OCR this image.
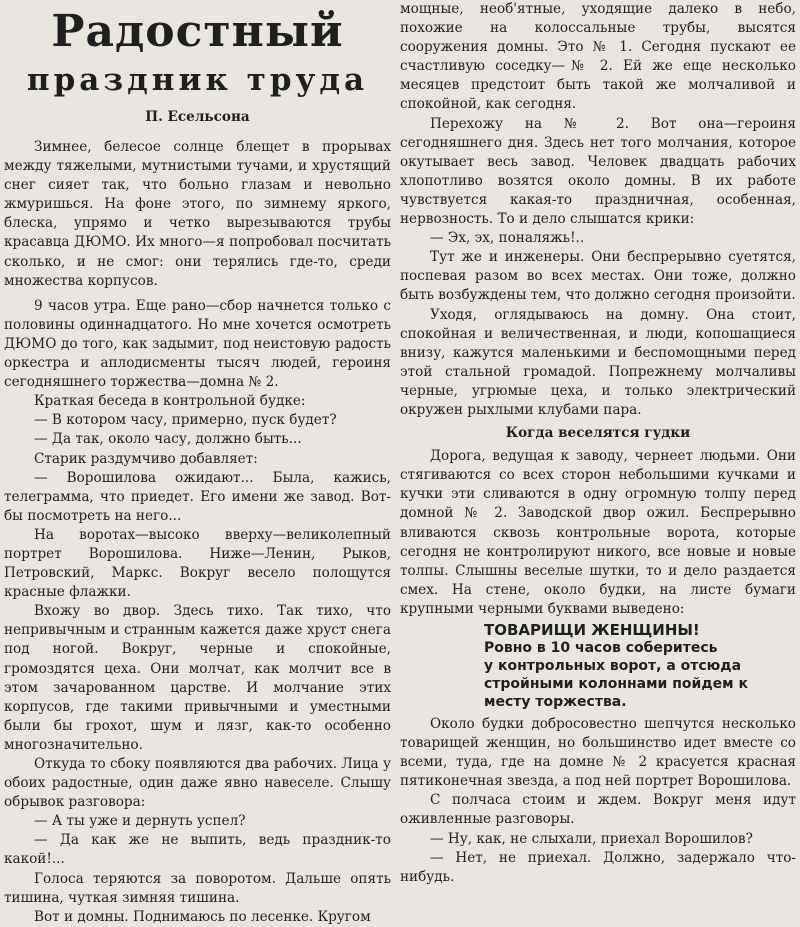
Радостный
праздник труда
П. Есельсона

Зимнее, белесое солнце блещет в прорывах между тяжелыми, мутнистыми тучами, и хрустящий снег сияет так, что больно глазам и невольно жмуришься. На фоне этого, по зимнему яркого, блеска, упрямо и четко вырезываются трубы красавца ДЮМО. Их много—я попробовал посчитать сколько, и не смог: они терялись где-то, среди множества корпусов.

9 часов утра. Еще рано—сбор начнется только с половины одиннадцатого. Но мне хочется осмотреть ДЮМО до того, как задымит, под неистовую радость оркестра и аплодисменты тысяч людей, героиня сегодняшнего торжества—домна № 2.

Краткая беседа в контрольной будке:

— В котором часу, примерно, пуск будет?

— Да так, около часу, должно быть...

Старик раздумчиво добавляет:

— Ворошилова ожидают... Была, кажись, телеграмма, что приедет. Его имени же завод. Вот-бы посмотреть на него...

На воротах—высоко вверху—великолепный портрет Ворошилова. Ниже—Ленин, Рыков, Петровский, Маркс. Вокруг весело полощутся красные флажки.

Вхожу во двор. Здесь тихо. Так тихо, что непривычным и странным кажется даже хруст снега под ногой. Вокруг, черные и спокойные, громоздятся цеха. Они молчат, как молчит все в этом зачарованном царстве. И молчание этих корпусов, где такими привычными и уместными были бы грохот, шум и лязг, как-то особенно многозначительно.

Откуда то сбоку появляются два рабочих. Лица у обоих радостные, один даже явно навеселе. Слышу обрывок разговора:

— А ты уже и дернуть успел?

— Да как же не выпить, ведь праздник-то какой!...

Голоса теряются за поворотом. Дальше опять тишина, чуткая зимняя тишина.

Вот и домны. Поднимаюсь по лесенке. Кругом

мощные, необ'ятные, уходящие далеко в небо, похожие на колоссальные трубы, высятся сооружения домны. Это № 1. Сегодня пускают ее счастливую соседку—№ 2. Ей же еще несколько месяцев предстоит быть такой же молчаливой и спокойной, как сегодня.

Перехожу на № 2. Вот она—героиня сегодняшнего дня. Здесь нет того молчания, которое окутывает весь завод. Человек двадцать рабочих хлопотливо возятся около домны. В их работе чувствуется какая-то праздничная, особенная, нервозность. То и дело слышатся крики:

— Эх, эх, поналяжь!..

Тут же и инженеры. Они беспрерывно суетятся, поспевая разом во всех местах. Они тоже, должно быть возбуждены тем, что должно сегодня произойти.

Уходя, оглядываюсь на домну. Она стоит, спокойная и величественная, и люди, копошащиеся внизу, кажутся маленькими и беспомощными перед этой стальной громадой. Попрежнему молчаливы черные, угрюмые цеха, и только электрический окружен рыхлыми клубами пара.

Когда веселятся гудки

Дорога, ведущая к заводу, чернеет людьми. Они стягиваются со всех сторон небольшими кучками и кучки эти сливаются в одну огромную толпу перед домной № 2. Заводской двор ожил. Беспрерывно вливаются сквозь контрольные ворота, которые сегодня не контролируют никого, все новые и новые толпы. Слышны веселые шутки, то и дело раздается смех. На стене, около будки, на листе бумаги крупными черными буквами выведено:

ТОВАРИЩИ ЖЕНЩИНЫ!
Ровно в 10 часов соберитесь
у контрольных ворот, а отсюда
стройными колоннами пойдем к
месту торжества.

Около будки добросовестно шепчутся несколько товарищей женщин, но большинство идет вместе со всеми, туда, где на домне № 2 красуется красная пятиконечная звезда, а под ней портрет Ворошилова.

С полчаса стоим и ждем. Вокруг меня идут оживленные разговоры.

— Ну, как, не слыхали, приехал Ворошилов?

— Нет, не приехал. Должно, задержало что-нибудь.
